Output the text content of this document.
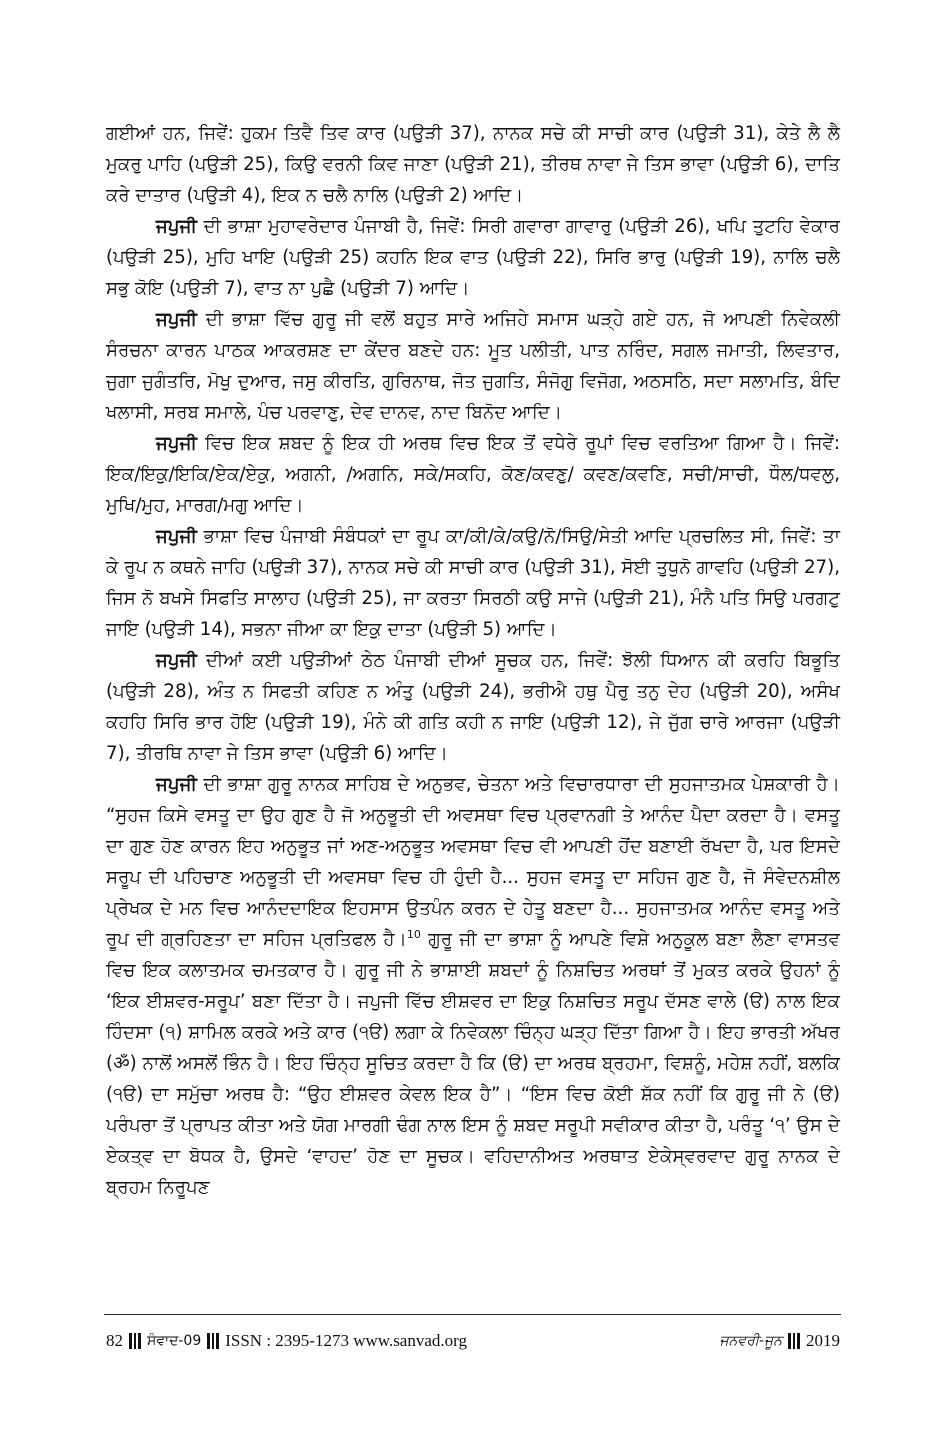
ਗਈਆਂ ਹਨ, ਜਿਵੇਂ: ਹੁਕਮ ਤਿਵੈ ਤਿਵ ਕਾਰ (ਪਉੜੀ 37), ਨਾਨਕ ਸਚੇ ਕੀ ਸਾਚੀ ਕਾਰ (ਪਉੜੀ 31), ਕੇਤੇ ਲੈ ਲੈ ਮੁਕਰੁ ਪਾਹਿ (ਪਉੜੀ 25), ਕਿਉ ਵਰਨੀ ਕਿਵ ਜਾਣਾ (ਪਉੜੀ 21), ਤੀਰਥ ਨਾਵਾ ਜੇ ਤਿਸ ਭਾਵਾ (ਪਉੜੀ 6), ਦਾਤਿ ਕਰੇ ਦਾਤਾਰ (ਪਉੜੀ 4), ਇਕ ਨ ਚਲੈ ਨਾਲਿ (ਪਉੜੀ 2) ਆਦਿ।

ਜਪੁਜੀ ਦੀ ਭਾਸ਼ਾ ਮੁਹਾਵਰੇਦਾਰ ਪੰਜਾਬੀ ਹੈ, ਜਿਵੇਂ: ਸਿਰੀ ਗਵਾਰਾ ਗਾਵਾਰੁ (ਪਉੜੀ 26), ਖਪਿ ਤੁਟਹਿ ਵੇਕਾਰ (ਪਉੜੀ 25), ਮੁਹਿ ਖਾਇ (ਪਉੜੀ 25) ਕਹਨਿ ਇਕ ਵਾਤ (ਪਉੜੀ 22), ਸਿਰਿ ਭਾਰੁ (ਪਉੜੀ 19), ਨਾਲਿ ਚਲੈ ਸਭੁ ਕੋਇ (ਪਉੜੀ 7), ਵਾਤ ਨਾ ਪੁਛੈ (ਪਉੜੀ 7) ਆਦਿ।

ਜਪੁਜੀ ਦੀ ਭਾਸ਼ਾ ਵਿੱਚ ਗੁਰੂ ਜੀ ਵਲੋਂ ਬਹੁਤ ਸਾਰੇ ਅਜਿਹੇ ਸਮਾਸ ਘੜ੍ਹੇ ਗਏ ਹਨ, ਜੋ ਆਪਣੀ ਨਿਵੇਕਲੀ ਸੰਰਚਨਾ ਕਾਰਨ ਪਾਠਕ ਆਕਰਸ਼ਣ ਦਾ ਕੇਂਦਰ ਬਣਦੇ ਹਨ: ਮੂਤ ਪਲੀਤੀ, ਪਾਤ ਨਰਿੰਦ, ਸਗਲ ਜਮਾਤੀ, ਲਿਵਤਾਰ, ਜੁਗਾ ਜੁਗੰਤਰਿ, ਮੋਖੁ ਦੁਆਰ, ਜਸੁ ਕੀਰਤਿ, ਗੁਰਿਨਾਥ, ਜੋਤ ਜੁਗਤਿ, ਸੰਜੋਗੁ ਵਿਜੋਗ, ਅਠਸਠਿ, ਸਦਾ ਸਲਾਮਤਿ, ਬੰਦਿ ਖਲਾਸੀ, ਸਰਬ ਸਮਾਲੇ, ਪੰਚ ਪਰਵਾਣੁ, ਦੇਵ ਦਾਨਵ, ਨਾਦ ਬਿਨੋਦ ਆਦਿ।

ਜਪੁਜੀ ਵਿਚ ਇਕ ਸ਼ਬਦ ਨੂੰ ਇਕ ਹੀ ਅਰਥ ਵਿਚ ਇਕ ਤੋਂ ਵਧੇਰੇ ਰੂਪਾਂ ਵਿਚ ਵਰਤਿਆ ਗਿਆ ਹੈ। ਜਿਵੇਂ: ਇਕ/ਇਕੁ/ਇਕਿ/ਏਕ/ਏਕੁ, ਅਗਨੀ, /ਅਗਨਿ, ਸਕੇ/ਸਕਹਿ, ਕੋਣ/ਕਵਣੁ/ ਕਵਣ/ਕਵਣਿ, ਸਚੀ/ਸਾਚੀ, ਧੌਲ/ਧਵਲੁ, ਮੁਖਿ/ਮੁਹ, ਮਾਰਗ/ਮਗੁ ਆਦਿ।

ਜਪੁਜੀ ਭਾਸ਼ਾ ਵਿਚ ਪੰਜਾਬੀ ਸੰਬੰਧਕਾਂ ਦਾ ਰੂਪ ਕਾ/ਕੀ/ਕੇ/ਕਉ/ਨੋ/ਸਿਉ/ਸੇਤੀ ਆਦਿ ਪ੍ਰਚਲਿਤ ਸੀ, ਜਿਵੇਂ: ਤਾ ਕੇ ਰੂਪ ਨ ਕਥਨੇ ਜਾਹਿ (ਪਉੜੀ 37), ਨਾਨਕ ਸਚੇ ਕੀ ਸਾਚੀ ਕਾਰ (ਪਉੜੀ 31), ਸੋਈ ਤੁਧੁਨੋ ਗਾਵਹਿ (ਪਉੜੀ 27), ਜਿਸ ਨੋ ਬਖਸੇ ਸਿਫਤਿ ਸਾਲਾਹ (ਪਉੜੀ 25), ਜਾ ਕਰਤਾ ਸਿਰਠੀ ਕਉ ਸਾਜੇ (ਪਉੜੀ 21), ਮੰਨੈ ਪਤਿ ਸਿਉ ਪਰਗਟੁ ਜਾਇ (ਪਉੜੀ 14), ਸਭਨਾ ਜੀਆ ਕਾ ਇਕੁ ਦਾਤਾ (ਪਉੜੀ 5) ਆਦਿ।

ਜਪੁਜੀ ਦੀਆਂ ਕਈ ਪਉੜੀਆਂ ਠੇਠ ਪੰਜਾਬੀ ਦੀਆਂ ਸੂਚਕ ਹਨ, ਜਿਵੇਂ: ਝੋਲੀ ਧਿਆਨ ਕੀ ਕਰਹਿ ਬਿਭੂਤਿ (ਪਉੜੀ 28), ਅੰਤ ਨ ਸਿਫਤੀ ਕਹਿਣ ਨ ਅੰਤੁ (ਪਉੜੀ 24), ਭਰੀਐ ਹਥੁ ਪੈਰੁ ਤਨੁ ਦੇਹ (ਪਉੜੀ 20), ਅਸੰਖ ਕਹਹਿ ਸਿਰਿ ਭਾਰ ਹੋਇ (ਪਉੜੀ 19), ਮੰਨੇ ਕੀ ਗਤਿ ਕਹੀ ਨ ਜਾਇ (ਪਉੜੀ 12), ਜੇ ਜੁੱਗ ਚਾਰੇ ਆਰਜਾ (ਪਉੜੀ 7), ਤੀਰਥਿ ਨਾਵਾ ਜੇ ਤਿਸ ਭਾਵਾ (ਪਉੜੀ 6) ਆਦਿ।

ਜਪੁਜੀ ਦੀ ਭਾਸ਼ਾ ਗੁਰੂ ਨਾਨਕ ਸਾਹਿਬ ਦੇ ਅਨੁਭਵ, ਚੇਤਨਾ ਅਤੇ ਵਿਚਾਰਧਾਰਾ ਦੀ ਸੁਹਜਾਤਮਕ ਪੇਸ਼ਕਾਰੀ ਹੈ। “ਸੁਹਜ ਕਿਸੇ ਵਸਤੂ ਦਾ ਉਹ ਗੁਣ ਹੈ ਜੋ ਅਨੁਭੂਤੀ ਦੀ ਅਵਸਥਾ ਵਿਚ ਪ੍ਰਵਾਨਗੀ ਤੇ ਆਨੰਦ ਪੈਦਾ ਕਰਦਾ ਹੈ। ਵਸਤੂ ਦਾ ਗੁਣ ਹੋਣ ਕਾਰਨ ਇਹ ਅਨੁਭੂਤ ਜਾਂ ਅਣ-ਅਨੁਭੂਤ ਅਵਸਥਾ ਵਿਚ ਵੀ ਆਪਣੀ ਹੋਂਦ ਬਣਾਈ ਰੱਖਦਾ ਹੈ, ਪਰ ਇਸਦੇ ਸਰੂਪ ਦੀ ਪਹਿਚਾਣ ਅਨੁਭੂਤੀ ਦੀ ਅਵਸਥਾ ਵਿਚ ਹੀ ਹੁੰਦੀ ਹੈ... ਸੁਹਜ ਵਸਤੂ ਦਾ ਸਹਿਜ ਗੁਣ ਹੈ, ਜੋ ਸੰਵੇਦਨਸ਼ੀਲ ਪ੍ਰੇਖਕ ਦੇ ਮਨ ਵਿਚ ਆਨੰਦਦਾਇਕ ਇਹਸਾਸ ਉਤਪੰਨ ਕਰਨ ਦੇ ਹੇਤੂ ਬਣਦਾ ਹੈ... ਸੁਹਜਾਤਮਕ ਆਨੰਦ ਵਸਤੂ ਅਤੇ ਰੂਪ ਦੀ ਗ੍ਰਹਿਣਤਾ ਦਾ ਸਹਿਜ ਪ੍ਰਤਿਫਲ ਹੈ।$^{10}$ ਗੁਰੂ ਜੀ ਦਾ ਭਾਸ਼ਾ ਨੂੰ ਆਪਣੇ ਵਿਸ਼ੇ ਅਨੁਕੂਲ ਬਣਾ ਲੈਣਾ ਵਾਸਤਵ ਵਿਚ ਇਕ ਕਲਾਤਮਕ ਚਮਤਕਾਰ ਹੈ। ਗੁਰੂ ਜੀ ਨੇ ਭਾਸ਼ਾਈ ਸ਼ਬਦਾਂ ਨੂੰ ਨਿਸ਼ਚਿਤ ਅਰਥਾਂ ਤੋਂ ਮੁਕਤ ਕਰਕੇ ਉਹਨਾਂ ਨੂੰ ‘ਇਕ ਈਸ਼ਵਰ-ਸਰੂਪ’ ਬਣਾ ਦਿੱਤਾ ਹੈ। ਜਪੁਜੀ ਵਿੱਚ ਈਸ਼ਵਰ ਦਾ ਇਕੁ ਨਿਸ਼ਚਿਤ ਸਰੂਪ ਦੱਸਣ ਵਾਲੇ (ੳ) ਨਾਲ ਇਕ ਹਿੰਦਸਾ (੧) ਸ਼ਾਮਿਲ ਕਰਕੇ ਅਤੇ ਕਾਰ (੧ੳ) ਲਗਾ ਕੇ ਨਿਵੇਕਲਾ ਚਿੰਨ੍ਹ ਘੜ੍ਹ ਦਿੱਤਾ ਗਿਆ ਹੈ। ਇਹ ਭਾਰਤੀ ਅੱਖਰ (ॐ) ਨਾਲੋਂ ਅਸਲੋਂ ਭਿੰਨ ਹੈ। ਇਹ ਚਿੰਨ੍ਹ ਸੂਚਿਤ ਕਰਦਾ ਹੈ ਕਿ (ੳ) ਦਾ ਅਰਥ ਬ੍ਰਹਮਾ, ਵਿਸ਼ਨੂੰ, ਮਹੇਸ਼ ਨਹੀਂ, ਬਲਕਿ (੧ੳ) ਦਾ ਸਮੁੱਚਾ ਅਰਥ ਹੈ: “ਉਹ ਈਸ਼ਵਰ ਕੇਵਲ ਇਕ ਹੈ”। “ਇਸ ਵਿਚ ਕੋਈ ਸ਼ੱਕ ਨਹੀਂ ਕਿ ਗੁਰੂ ਜੀ ਨੇ (ੳ) ਪਰੰਪਰਾ ਤੋਂ ਪ੍ਰਾਪਤ ਕੀਤਾ ਅਤੇ ਯੋਗ ਮਾਰਗੀ ਢੰਗ ਨਾਲ ਇਸ ਨੂੰ ਸ਼ਬਦ ਸਰੂਪੀ ਸਵੀਕਾਰ ਕੀਤਾ ਹੈ, ਪਰੰਤੂ ‘੧’ ਉਸ ਦੇ ਏਕਤ੍ਵ ਦਾ ਬੋਧਕ ਹੈ, ਉਸਦੇ ‘ਵਾਹਦ’ ਹੋਣ ਦਾ ਸੂਚਕ। ਵਹਿਦਾਨੀਅਤ ਅਰਥਾਤ ਏਕੇਸ੍ਵਰਵਾਦ ਗੁਰੂ ਨਾਨਕ ਦੇ ਬ੍ਰਹਮ ਨਿਰੂਪਣ

82 ਸੰਵਾਦ-09 ISSN : 2395-1273 www.sanvad.org	ਜਨਵਰੀ-ਜੂਨ 2019
